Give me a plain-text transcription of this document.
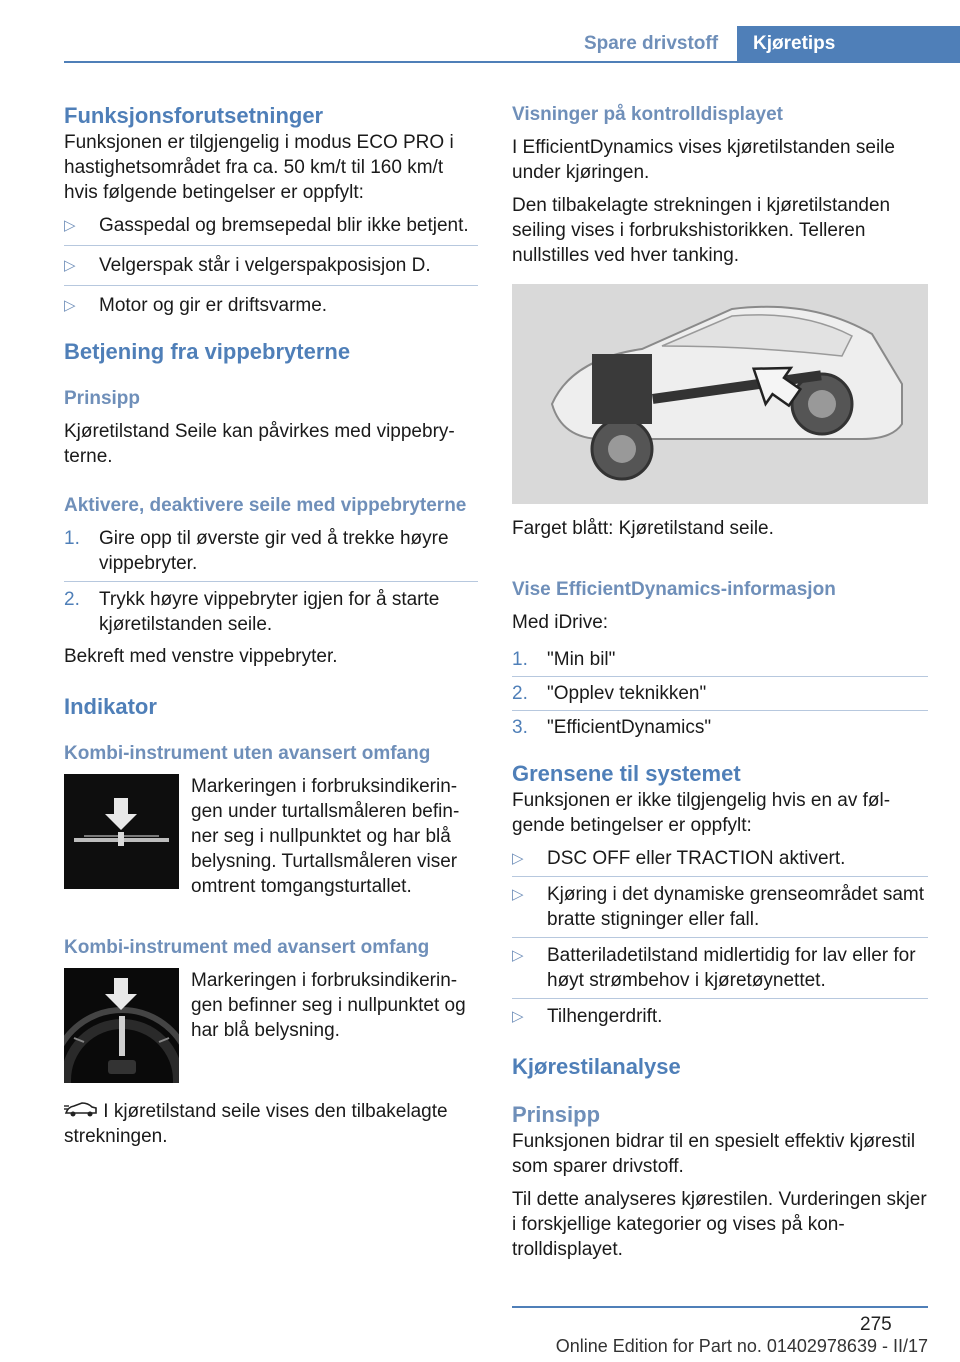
Spare drivstoff	Kjøretips
Funksjonsforutsetninger

Funksjonen er tilgjengelig i modus ECO PRO i hastighetsområdet fra ca. 50 km/t til 160 km/t hvis følgende betingelser er oppfylt:

▷ Gasspedal og bremsepedal blir ikke betjent.
▷ Velgerspak står i velgerspakposisjon D.
▷ Motor og gir er driftsvarme.
Betjening fra vippebryterne
Prinsipp

Kjøretilstand Seile kan påvirkes med vippebryterne.

Aktivere, deaktivere seile med vippebryterne
1. Gire opp til øverste gir ved å trekke høyre vippebryter.
2. Trykk høyre vippebryter igjen for å starte kjøretilstanden seile.

Bekreft med venstre vippebryter.

Indikator
Kombi-instrument uten avansert omfang

Markeringen i forbruksindikeringen under turtallsmåleren befinner seg i nullpunktet og har blå belysning. Turtallsmåleren viser omtrent tomgangsturtallet.

Kombi-instrument med avansert omfang

Markeringen i forbruksindikeringen befinner seg i nullpunktet og har blå belysning.

I kjøretilstand seile vises den tilbakelagte strekningen.

Visninger på kontrolldisplayet

I EfficientDynamics vises kjøretilstanden seile under kjøringen.

Den tilbakelagte strekningen i kjøretilstanden seiling vises i forbrukshistorikken. Telleren nullstilles ved hver tanking.

Farget blått: Kjøretilstand seile.

Vise EfficientDynamics-informasjon

Med iDrive:

1. "Min bil"
2. "Opplev teknikken"
3. "EfficientDynamics"
Grensene til systemet

Funksjonen er ikke tilgjengelig hvis en av følgende betingelser er oppfylt:

▷ DSC OFF eller TRACTION aktivert.
▷ Kjøring i det dynamiske grenseområdet samt bratte stigninger eller fall.
▷ Batteriladetilstand midlertidig for lav eller for høyt strømbehov i kjøretøynettet.
▷ Tilhengerdrift.
Kjørestilanalyse
Prinsipp

Funksjonen bidrar til en spesielt effektiv kjørestil som sparer drivstoff.

Til dette analyseres kjørestilen. Vurderingen skjer i forskjellige kategorier og vises på kontrolldisplayet.

275
Online Edition for Part no. 01402978639 - II/17
